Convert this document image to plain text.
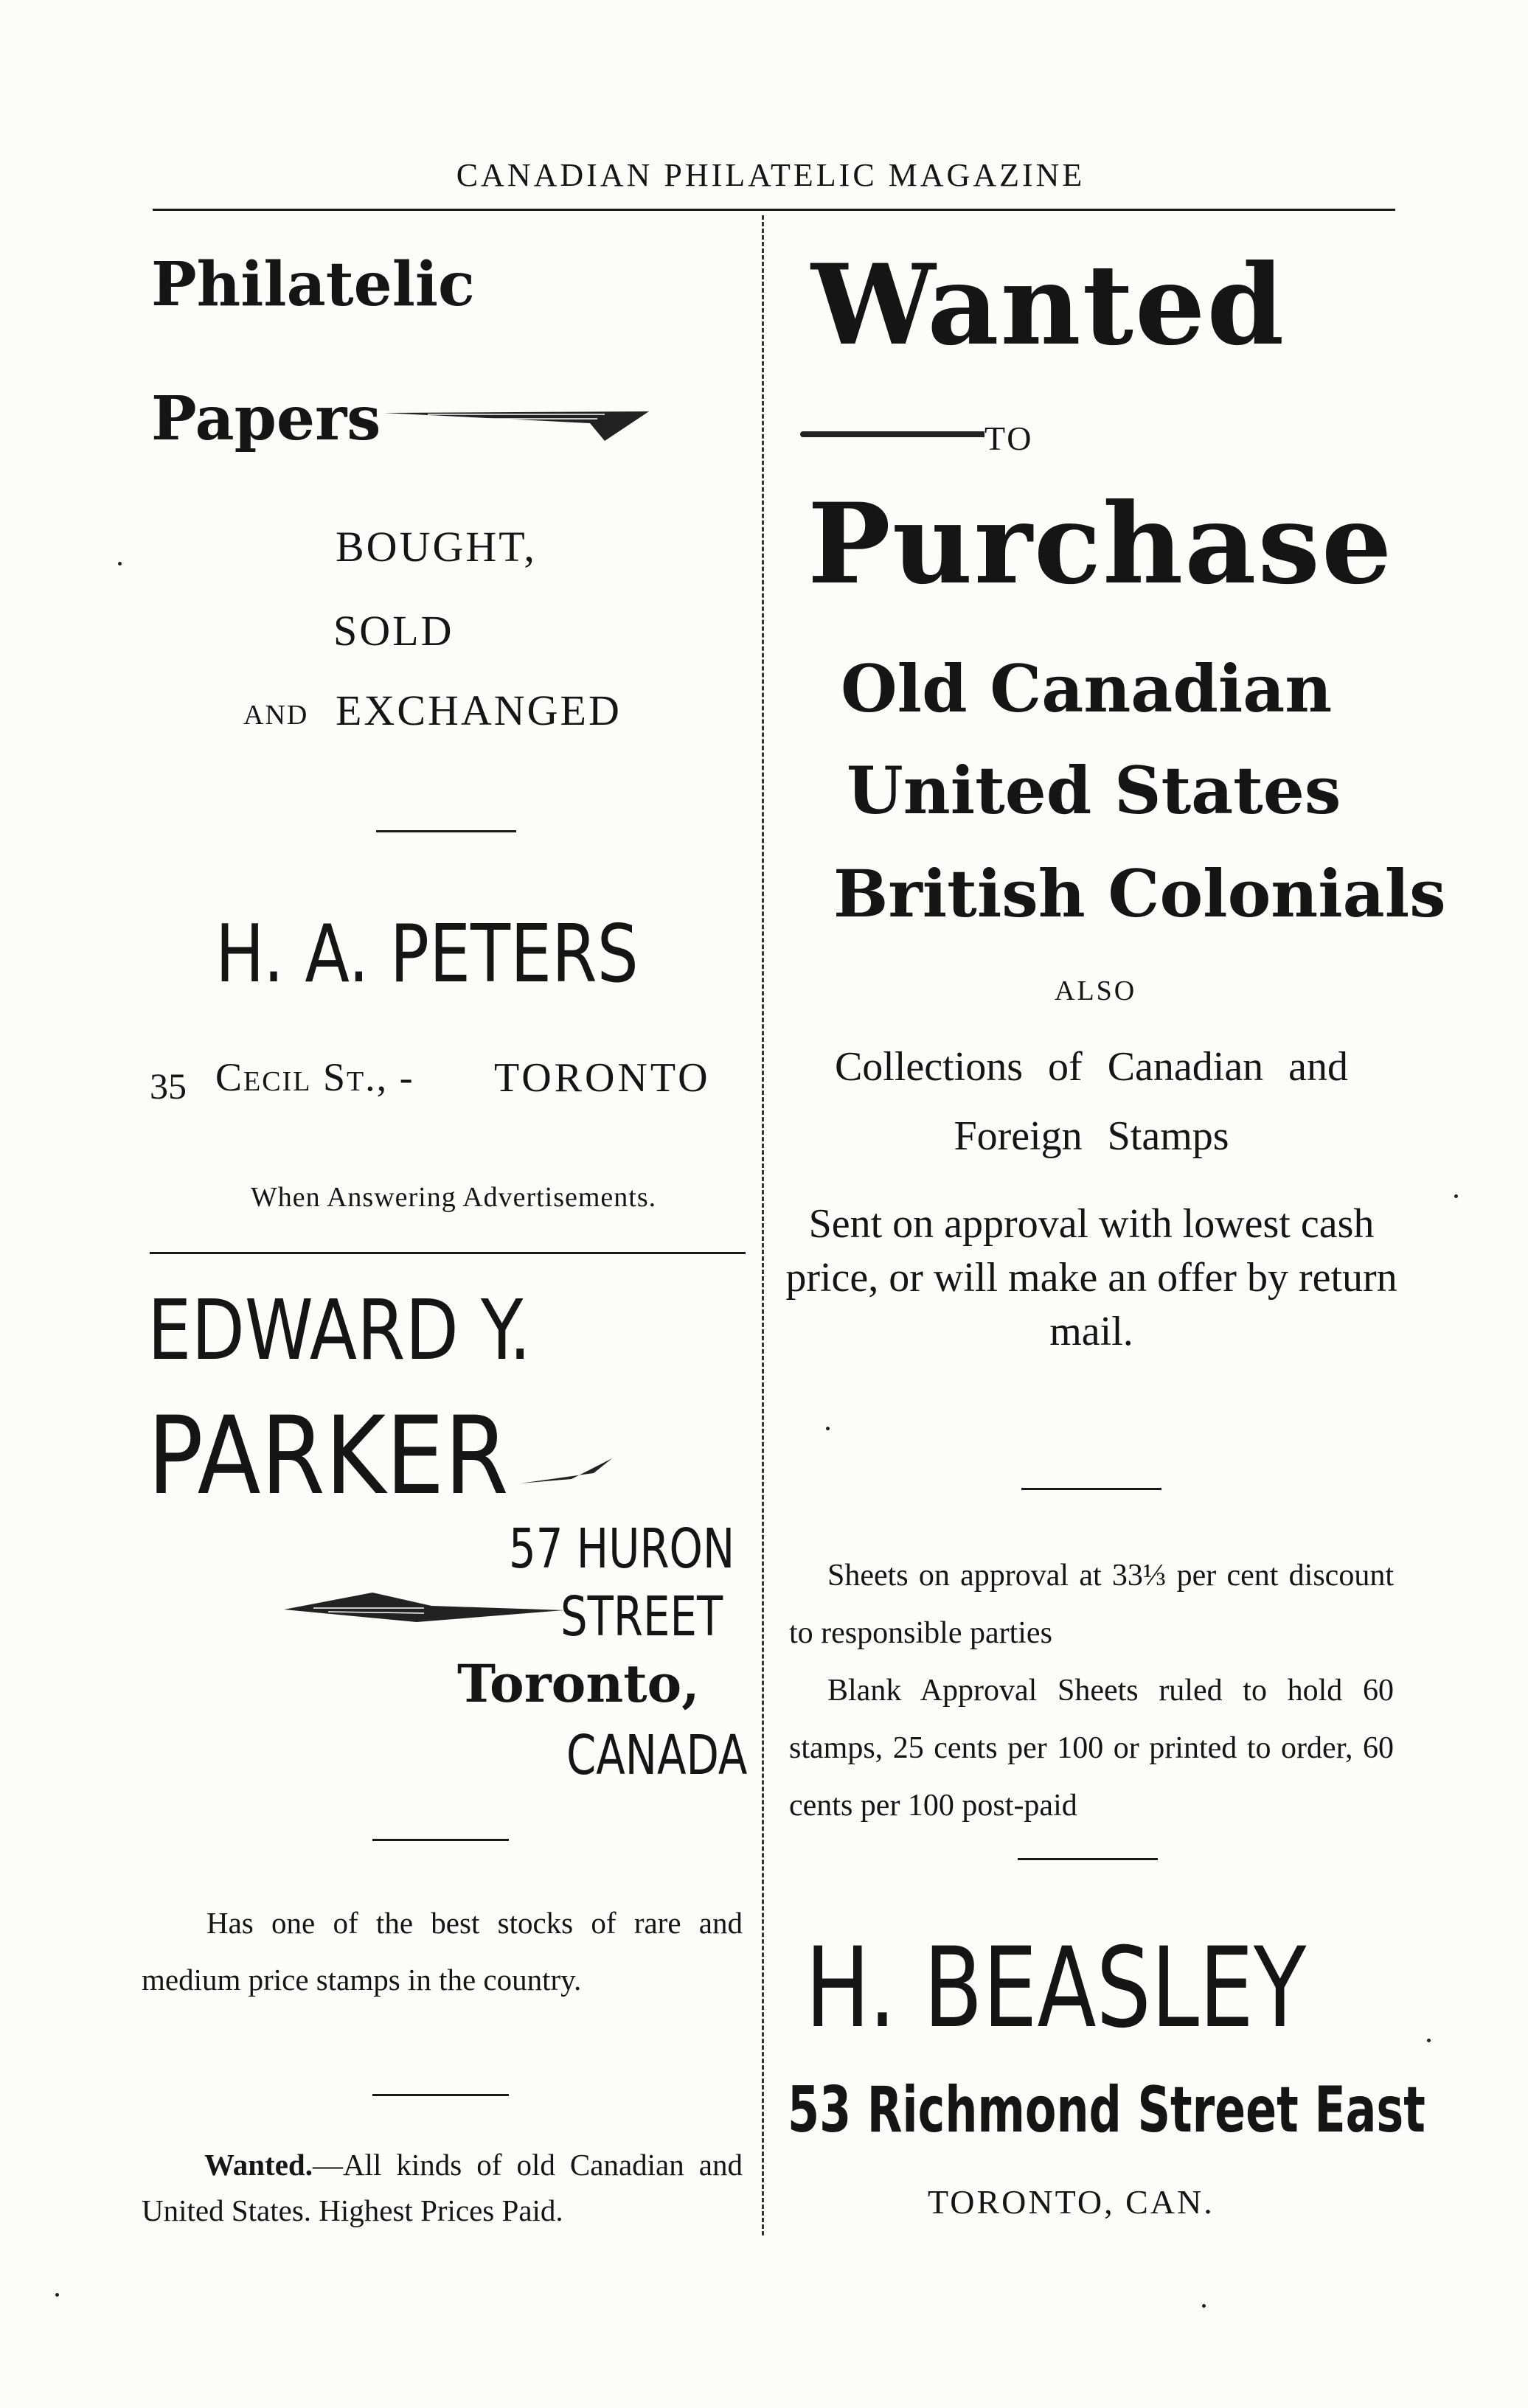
CANADIAN PHILATELIC MAGAZINE
Philatelic
Papers
BOUGHT,
SOLD
AND EXCHANGED
H. A. PETERS
35 Cecil St., - TORONTO
When Answering Advertisements.
EDWARD Y.
PARKER
57 HURON
STREET
Toronto,
CANADA
Has one of the best stocks of rare and medium price stamps in the country.
Wanted.—All kinds of old Canadian and United States. Highest Prices Paid.
Wanted
TO
Purchase
Old Canadian
United States
British Colonials
ALSO
Collections of Canadian and Foreign Stamps
Sent on approval with lowest cash price, or will make an offer by return mail.
Sheets on approval at 33⅓ per cent discount to responsible parties
Blank Approval Sheets ruled to hold 60 stamps, 25 cents per 100 or printed to order, 60 cents per 100 post-paid
H. BEASLEY
53 Richmond Street East
TORONTO, CAN.
